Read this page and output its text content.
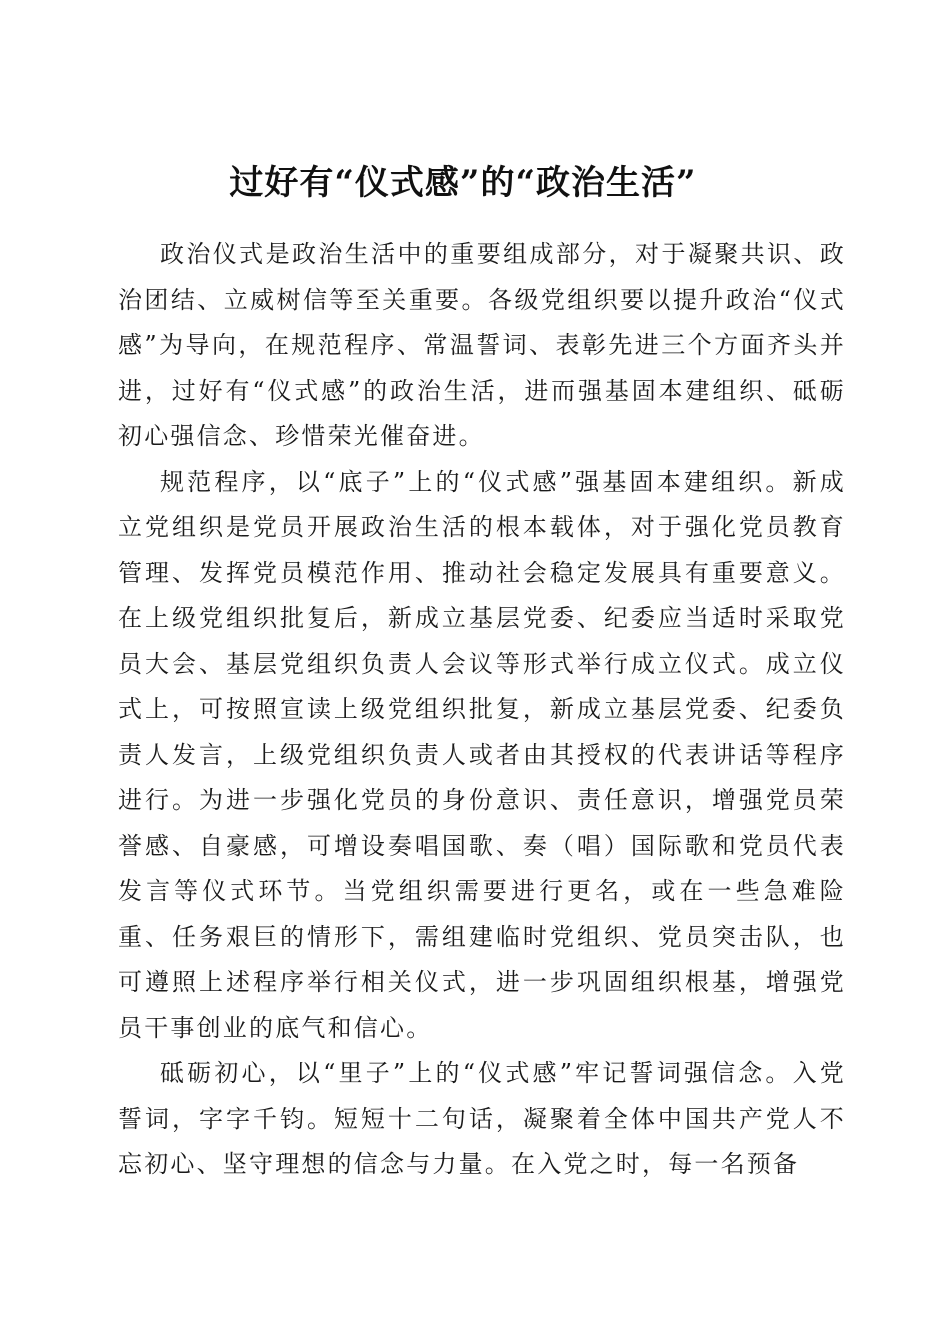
过好有“仪式感”的“政治生活”

政治仪式是政治生活中的重要组成部分，对于凝聚共识、政治团结、立威树信等至关重要。各级党组织要以提升政治“仪式感”为导向，在规范程序、常温誓词、表彰先进三个方面齐头并进，过好有“仪式感”的政治生活，进而强基固本建组织、砥砺初心强信念、珍惜荣光催奋进。

规范程序，以“底子”上的“仪式感”强基固本建组织。新成立党组织是党员开展政治生活的根本载体，对于强化党员教育管理、发挥党员模范作用、推动社会稳定发展具有重要意义。在上级党组织批复后，新成立基层党委、纪委应当适时采取党员大会、基层党组织负责人会议等形式举行成立仪式。成立仪式上，可按照宣读上级党组织批复，新成立基层党委、纪委负责人发言，上级党组织负责人或者由其授权的代表讲话等程序进行。为进一步强化党员的身份意识、责任意识，增强党员荣誉感、自豪感，可增设奏唱国歌、奏（唱）国际歌和党员代表发言等仪式环节。当党组织需要进行更名，或在一些急难险重、任务艰巨的情形下，需组建临时党组织、党员突击队，也可遵照上述程序举行相关仪式，进一步巩固组织根基，增强党员干事创业的底气和信心。

砥砺初心，以“里子”上的“仪式感”牢记誓词强信念。入党誓词，字字千钧。短短十二句话，凝聚着全体中国共产党人不忘初心、坚守理想的信念与力量。在入党之时，每一名预备
